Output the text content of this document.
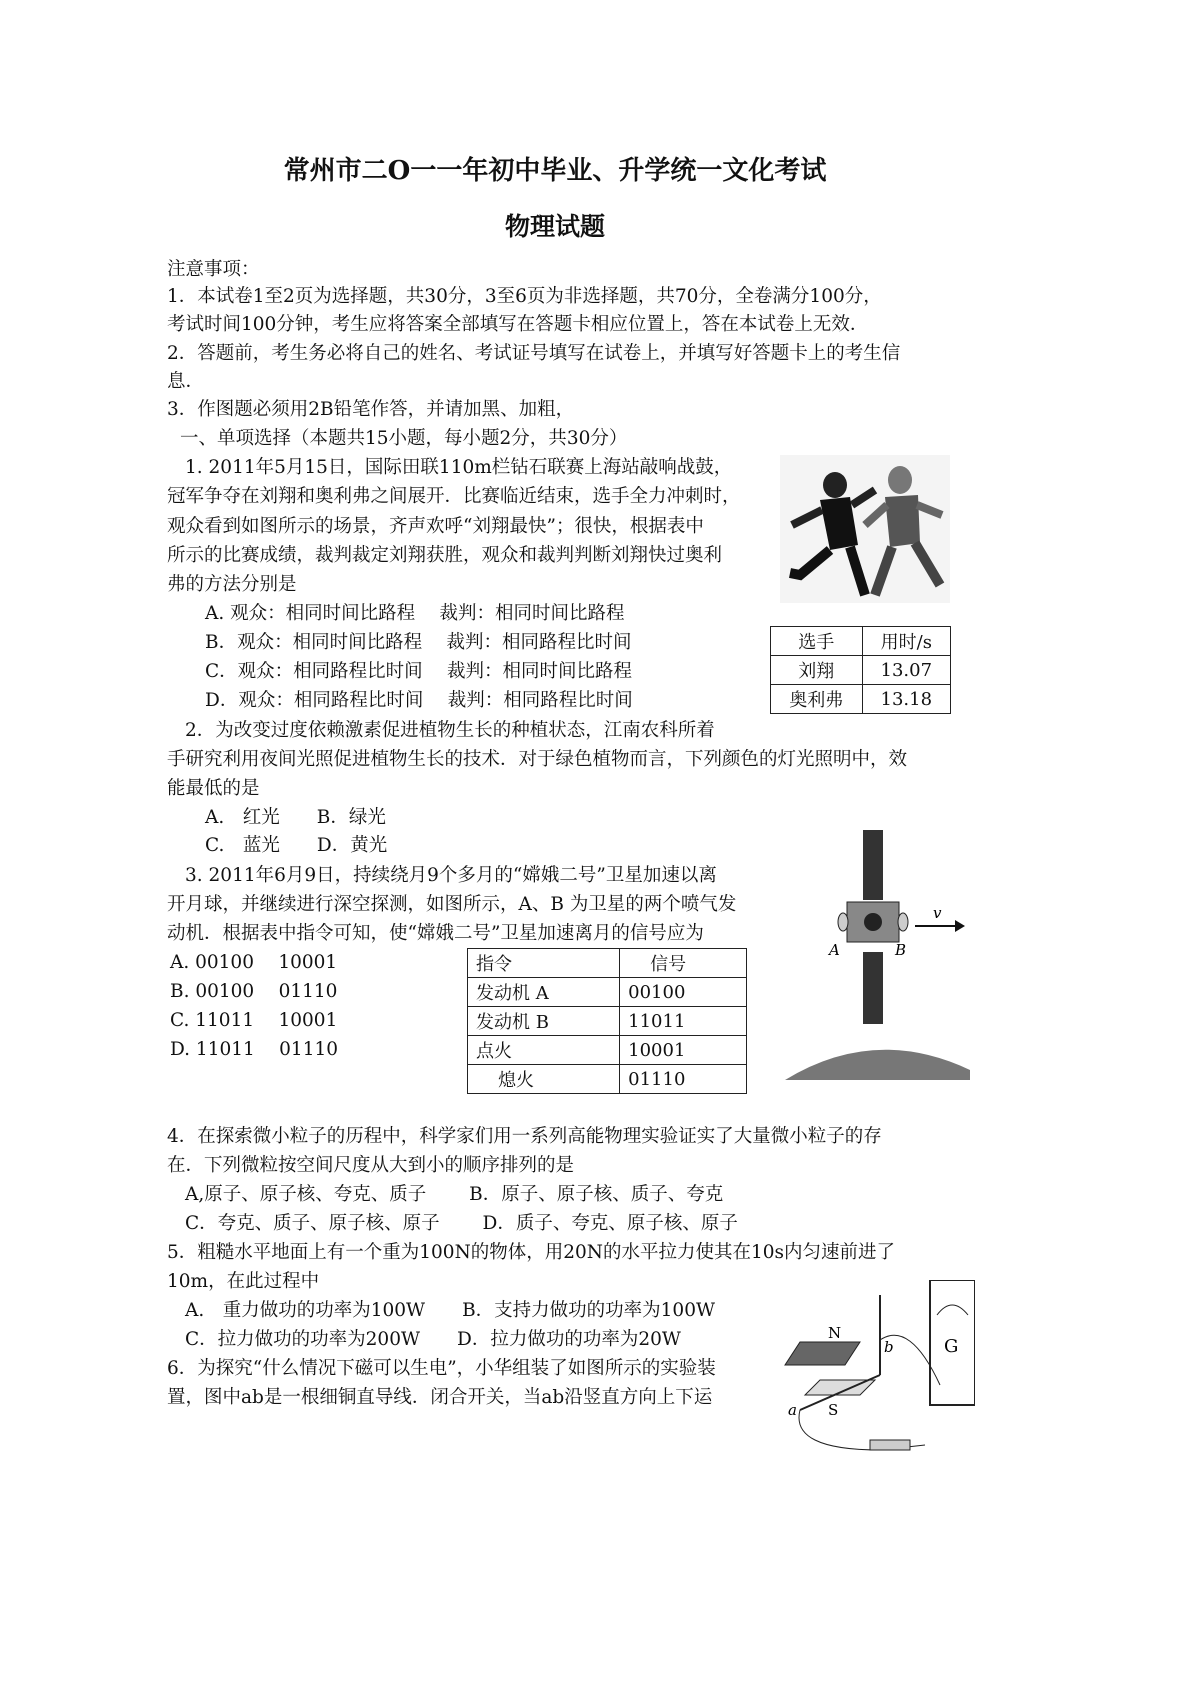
常州市二O一一年初中毕业、升学统一文化考试
物理试题
注意事项：
1．本试卷1至2页为选择题，共30分，3至6页为非选择题，共70分，全卷满分100分，
考试时间100分钟，考生应将答案全部填写在答题卡相应位置上，答在本试卷上无效．
2．答题前，考生务必将自己的姓名、考试证号填写在试卷上，并填写好答题卡上的考生信
息．
3．作图题必须用2B铅笔作答，并请加黑、加粗，
一、单项选择（本题共15小题，每小题2分，共30分）
1. 2011年5月15日，国际田联110m栏钻石联赛上海站敲响战鼓，
冠军争夺在刘翔和奥利弗之间展开．比赛临近结束，选手全力冲刺时，
观众看到如图所示的场景，齐声欢呼“刘翔最快”；很快，根据表中
所示的比赛成绩，裁判裁定刘翔获胜，观众和裁判判断刘翔快过奥利
弗的方法分别是
A. 观众：相同时间比路程　 裁判：相同时间比路程
B．观众：相同时间比路程　 裁判：相同路程比时间
C．观众：相同路程比时间　 裁判：相同时间比路程
D．观众：相同路程比时间　 裁判：相同路程比时间
选手	用时/s
刘翔	13.07
奥利弗	13.18
2．为改变过度依赖激素促进植物生长的种植状态，江南农科所着
手研究利用夜间光照促进植物生长的技术．对于绿色植物而言，下列颜色的灯光照明中，效
能最低的是
A.　红光　　B．绿光
C.　蓝光　　D．黄光
3. 2011年6月9日，持续绕月9个多月的“嫦娥二号”卫星加速以离
开月球，并继续进行深空探测，如图所示，A、B 为卫星的两个喷气发
动机．根据表中指令可知，使“嫦娥二号”卫星加速离月的信号应为
A. 00100　 10001
B. 00100　 01110
C. 11011　 10001
D. 11011　 01110
指令	信号
发动机 A	00100
发动机 B	11011
点火	10001
熄火	01110
A	B
v
4．在探索微小粒子的历程中，科学家们用一系列高能物理实验证实了大量微小粒子的存
在．下列微粒按空间尺度从大到小的顺序排列的是
A,原子、原子核、夸克、质子　　 B．原子、原子核、质子、夸克
C．夸克、质子、原子核、原子　　 D．质子、夸克、原子核、原子
5．粗糙水平地面上有一个重为100N的物体，用20N的水平拉力使其在10s内匀速前进了
10m，在此过程中
A.　重力做功的功率为100W　　B．支持力做功的功率为100W
C．拉力做功的功率为200W　　D．拉力做功的功率为20W
6．为探究“什么情况下磁可以生电”，小华组装了如图所示的实验装
置，图中ab是一根细铜直导线．闭合开关，当ab沿竖直方向上下运
G
N
S
a
b
